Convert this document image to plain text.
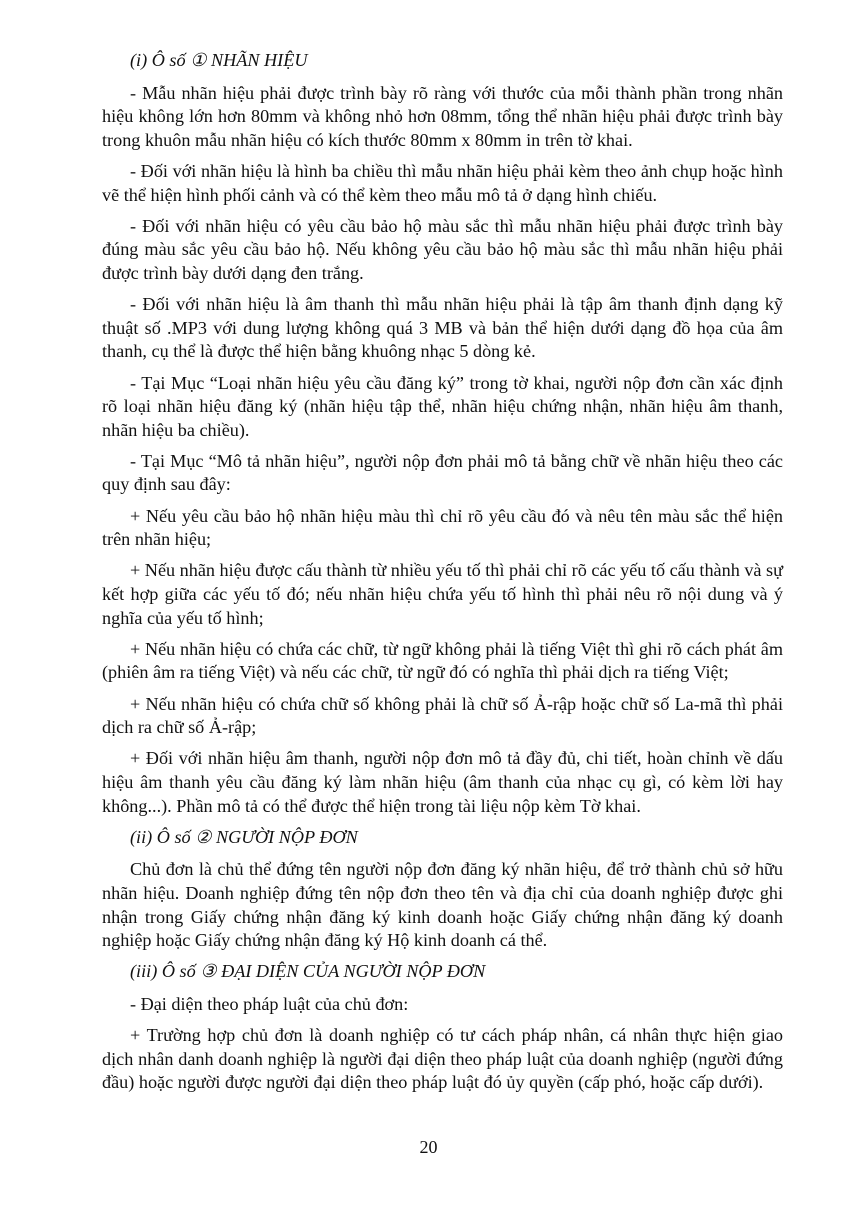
(i) Ô số ① NHÃN HIỆU

- Mẫu nhãn hiệu phải được trình bày rõ ràng với thước của mỗi thành phần trong nhãn hiệu không lớn hơn 80mm và không nhỏ hơn 08mm, tổng thể nhãn hiệu phải được trình bày trong khuôn mẫu nhãn hiệu có kích thước 80mm x 80mm in trên tờ khai.

- Đối với nhãn hiệu là hình ba chiều thì mẫu nhãn hiệu phải kèm theo ảnh chụp hoặc hình vẽ thể hiện hình phối cảnh và có thể kèm theo mẫu mô tả ở dạng hình chiếu.

- Đối với nhãn hiệu có yêu cầu bảo hộ màu sắc thì mẫu nhãn hiệu phải được trình bày đúng màu sắc yêu cầu bảo hộ. Nếu không yêu cầu bảo hộ màu sắc thì mẫu nhãn hiệu phải được trình bày dưới dạng đen trắng.

- Đối với nhãn hiệu là âm thanh thì mẫu nhãn hiệu phải là tập âm thanh định dạng kỹ thuật số .MP3 với dung lượng không quá 3 MB và bản thể hiện dưới dạng đồ họa của âm thanh, cụ thể là được thể hiện bằng khuông nhạc 5 dòng kẻ.

- Tại Mục “Loại nhãn hiệu yêu cầu đăng ký” trong tờ khai, người nộp đơn cần xác định rõ loại nhãn hiệu đăng ký (nhãn hiệu tập thể, nhãn hiệu chứng nhận, nhãn hiệu âm thanh, nhãn hiệu ba chiều).

- Tại Mục “Mô tả nhãn hiệu”, người nộp đơn phải mô tả bằng chữ về nhãn hiệu theo các quy định sau đây:

+ Nếu yêu cầu bảo hộ nhãn hiệu màu thì chỉ rõ yêu cầu đó và nêu tên màu sắc thể hiện trên nhãn hiệu;

+ Nếu nhãn hiệu được cấu thành từ nhiều yếu tố thì phải chỉ rõ các yếu tố cấu thành và sự kết hợp giữa các yếu tố đó; nếu nhãn hiệu chứa yếu tố hình thì phải nêu rõ nội dung và ý nghĩa của yếu tố hình;

+ Nếu nhãn hiệu có chứa các chữ, từ ngữ không phải là tiếng Việt thì ghi rõ cách phát âm (phiên âm ra tiếng Việt) và nếu các chữ, từ ngữ đó có nghĩa thì phải dịch ra tiếng Việt;

+ Nếu nhãn hiệu có chứa chữ số không phải là chữ số Ả-rập hoặc chữ số La-mã thì phải dịch ra chữ số Ả-rập;

+ Đối với nhãn hiệu âm thanh, người nộp đơn mô tả đầy đủ, chi tiết, hoàn chỉnh về dấu hiệu âm thanh yêu cầu đăng ký làm nhãn hiệu (âm thanh của nhạc cụ gì, có kèm lời hay không...). Phần mô tả có thể được thể hiện trong tài liệu nộp kèm Tờ khai.

(ii) Ô số ② NGƯỜI NỘP ĐƠN

Chủ đơn là chủ thể đứng tên người nộp đơn đăng ký nhãn hiệu, để trở thành chủ sở hữu nhãn hiệu. Doanh nghiệp đứng tên nộp đơn theo tên và địa chỉ của doanh nghiệp được ghi nhận trong Giấy chứng nhận đăng ký kinh doanh hoặc Giấy chứng nhận đăng ký doanh nghiệp hoặc Giấy chứng nhận đăng ký Hộ kinh doanh cá thể.

(iii) Ô số ③ ĐẠI DIỆN CỦA NGƯỜI NỘP ĐƠN

- Đại diện theo pháp luật của chủ đơn:

+ Trường hợp chủ đơn là doanh nghiệp có tư cách pháp nhân, cá nhân thực hiện giao dịch nhân danh doanh nghiệp là người đại diện theo pháp luật của doanh nghiệp (người đứng đầu) hoặc người được người đại diện theo pháp luật đó ủy quyền (cấp phó, hoặc cấp dưới).

20
